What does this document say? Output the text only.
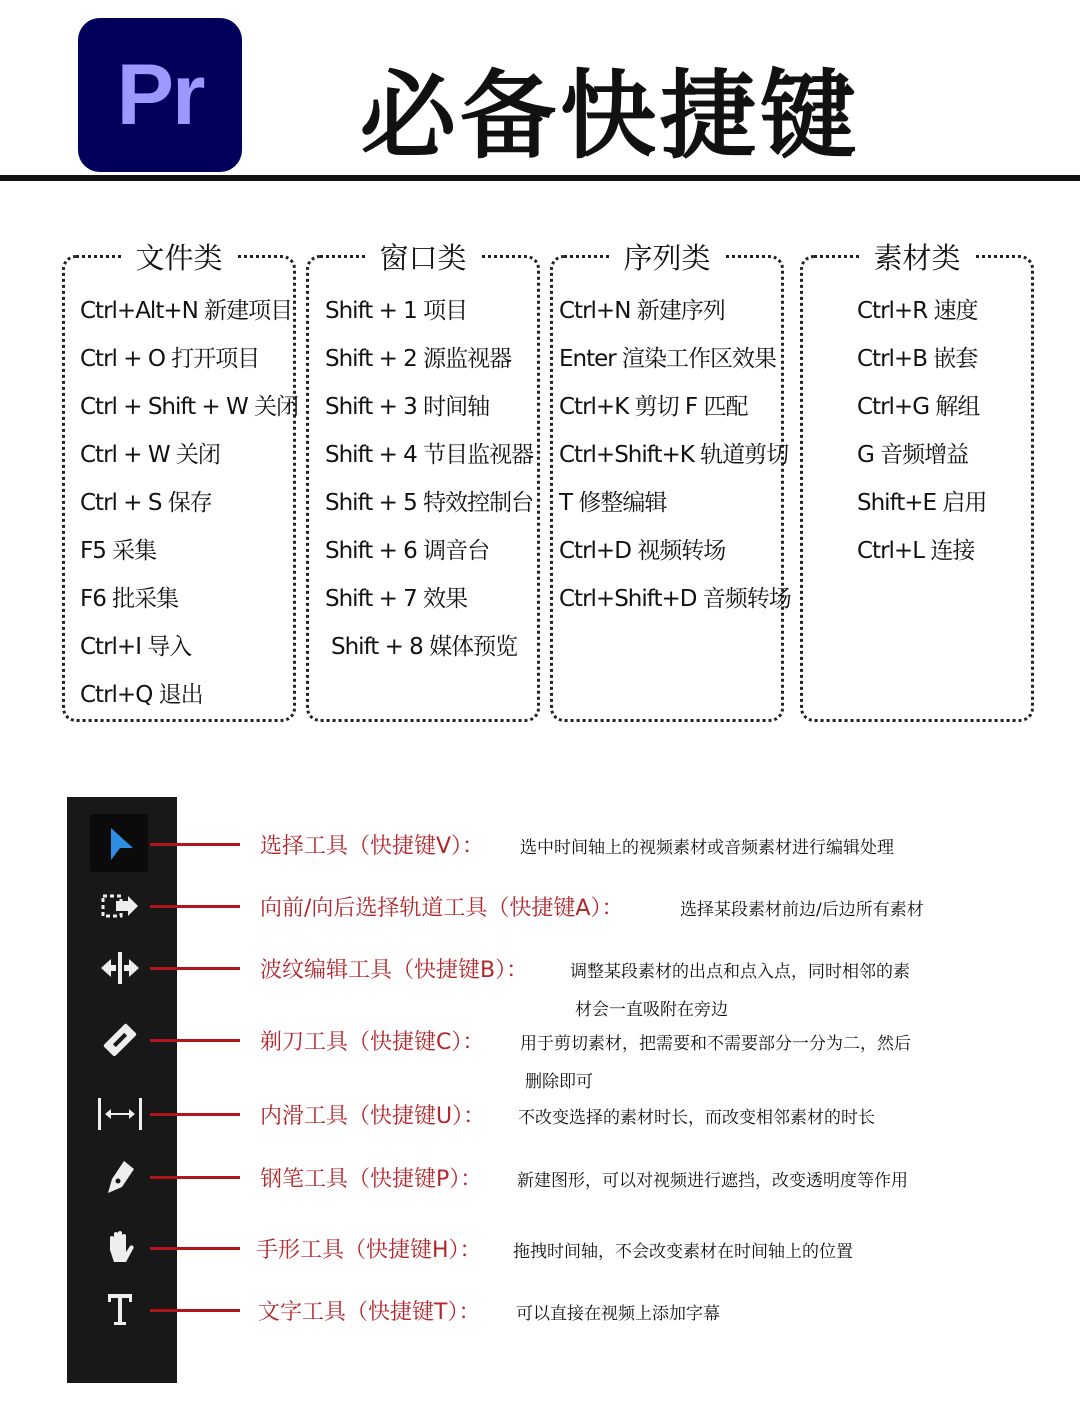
Pr 必备快捷键
文件类
Ctrl+Alt+N 新建项目
Ctrl + O 打开项目
Ctrl + Shift + W 关闭
Ctrl + W 关闭
Ctrl + S 保存
F5 采集
F6 批采集
Ctrl+I 导入
Ctrl+Q 退出
窗口类
Shift + 1 项目
Shift + 2 源监视器
Shift + 3 时间轴
Shift + 4 节目监视器
Shift + 5 特效控制台
Shift + 6 调音台
Shift + 7 效果
Shift + 8 媒体预览
序列类
Ctrl+N 新建序列
Enter 渲染工作区效果
Ctrl+K 剪切 F 匹配
Ctrl+Shift+K 轨道剪切
T 修整编辑
Ctrl+D 视频转场
Ctrl+Shift+D 音频转场
素材类
Ctrl+R 速度
Ctrl+B 嵌套
Ctrl+G 解组
G 音频增益
Shift+E 启用
Ctrl+L 连接
选择工具（快捷键V）： 选中时间轴上的视频素材或音频素材进行编辑处理
向前/向后选择轨道工具（快捷键A）：	选择某段素材前边/后边所有素材
波纹编辑工具（快捷键B）： 调整某段素材的出点和点入点，同时相邻的素
材会一直吸附在旁边
剃刀工具（快捷键C）： 用于剪切素材，把需要和不需要部分一分为二，然后
删除即可
内滑工具（快捷键U）： 不改变选择的素材时长，而改变相邻素材的时长
钢笔工具（快捷键P）： 新建图形，可以对视频进行遮挡，改变透明度等作用
手形工具（快捷键H）： 拖拽时间轴，不会改变素材在时间轴上的位置
文字工具（快捷键T）： 可以直接在视频上添加字幕
